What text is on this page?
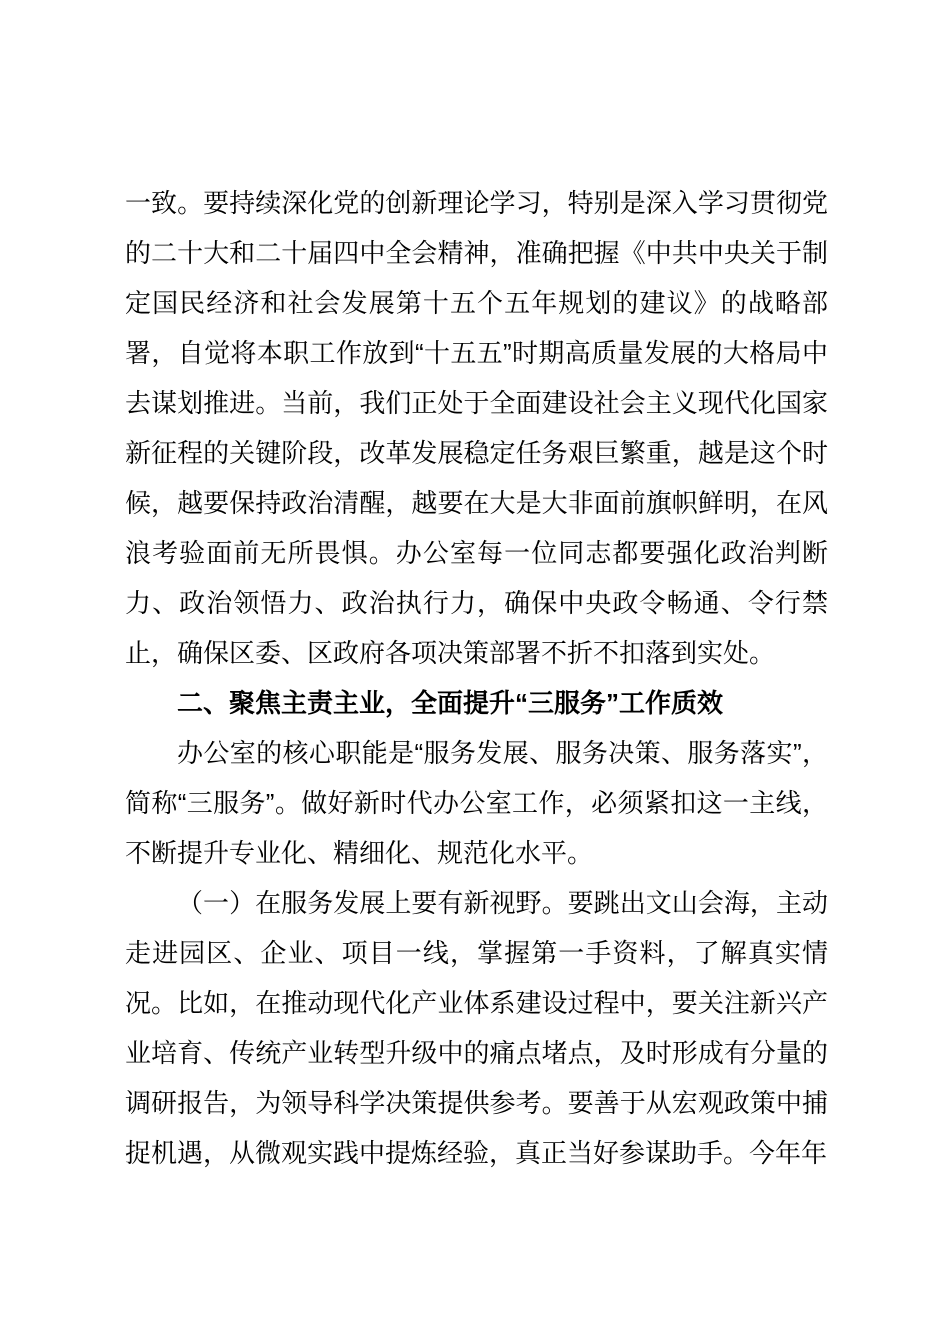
一致。要持续深化党的创新理论学习，特别是深入学习贯彻党的二十大和二十届四中全会精神，准确把握《中共中央关于制定国民经济和社会发展第十五个五年规划的建议》的战略部署，自觉将本职工作放到“十五五”时期高质量发展的大格局中去谋划推进。当前，我们正处于全面建设社会主义现代化国家新征程的关键阶段，改革发展稳定任务艰巨繁重，越是这个时候，越要保持政治清醒，越要在大是大非面前旗帜鲜明，在风浪考验面前无所畏惧。办公室每一位同志都要强化政治判断力、政治领悟力、政治执行力，确保中央政令畅通、令行禁止，确保区委、区政府各项决策部署不折不扣落到实处。

二、聚焦主责主业，全面提升“三服务”工作质效

办公室的核心职能是“服务发展、服务决策、服务落实”，简称“三服务”。做好新时代办公室工作，必须紧扣这一主线，不断提升专业化、精细化、规范化水平。

（一）在服务发展上要有新视野。要跳出文山会海，主动走进园区、企业、项目一线，掌握第一手资料，了解真实情况。比如，在推动现代化产业体系建设过程中，要关注新兴产业培育、传统产业转型升级中的痛点堵点，及时形成有分量的调研报告，为领导科学决策提供参考。要善于从宏观政策中捕捉机遇，从微观实践中提炼经验，真正当好参谋助手。今年年
